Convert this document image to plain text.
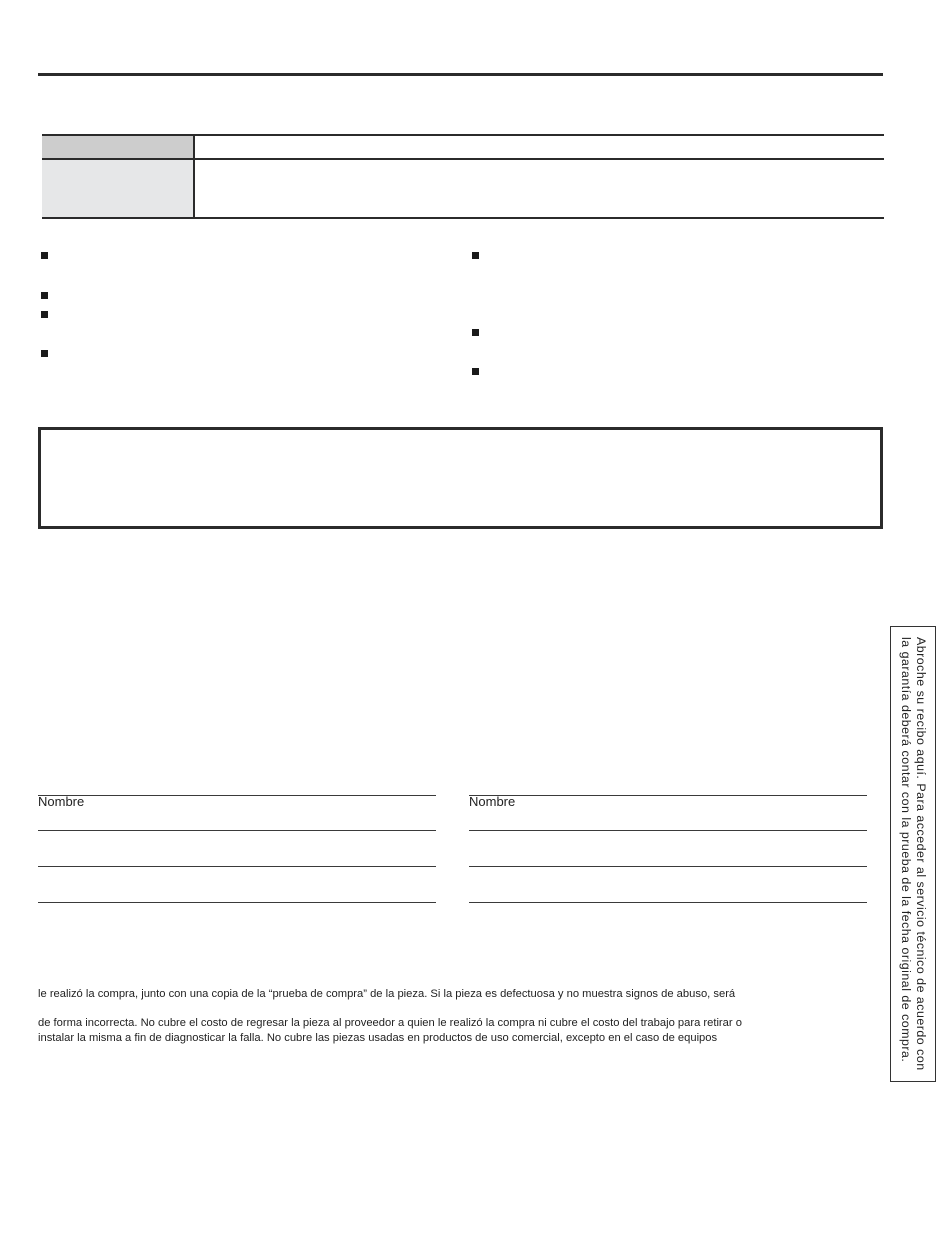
Nombre	Nombre
le realizó la compra, junto con una copia de la “prueba de compra” de la pieza. Si la pieza es defectuosa y no muestra signos de abuso, será
de forma incorrecta. No cubre el costo de regresar la pieza al proveedor a quien le realizó la compra ni cubre el costo del trabajo para retirar o
instalar la misma a fin de diagnosticar la falla. No cubre las piezas usadas en productos de uso comercial, excepto en el caso de equipos	Abroche su recibo aquí. Para acceder al servicio técnico de acuerdo con la garantía deberá contar con la prueba de la fecha original de compra.
